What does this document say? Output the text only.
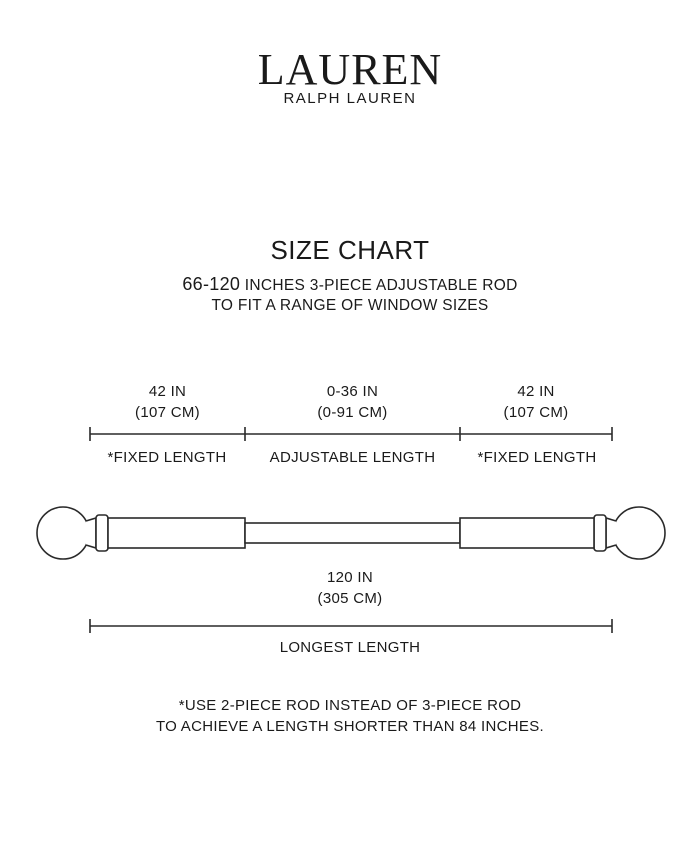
LAUREN
RALPH LAUREN
SIZE CHART
66-120 INCHES 3-PIECE ADJUSTABLE ROD
TO FIT A RANGE OF WINDOW SIZES
42 IN
(107 CM)
0-36 IN
(0-91 CM)
42 IN
(107 CM)
*FIXED LENGTH	ADJUSTABLE LENGTH	*FIXED LENGTH
120 IN
(305 CM)
LONGEST LENGTH
*USE 2-PIECE ROD INSTEAD OF 3-PIECE ROD
TO ACHIEVE A LENGTH SHORTER THAN 84 INCHES.
